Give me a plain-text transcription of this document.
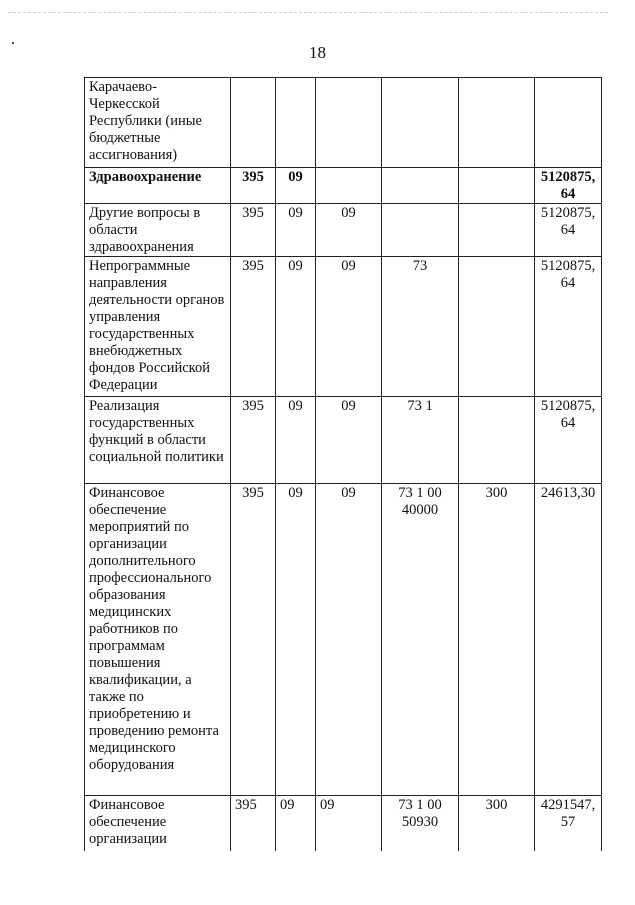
18
Карачаево-Черкесской Республики (иные бюджетные ассигнования)						
Здравоохранение	395	09				5120875,64
Другие вопросы в области здравоохранения	395	09	09			5120875,64
Непрограммные направления деятельности органов управления государственных внебюджетных фондов Российской Федерации	395	09	09	73		5120875,64
Реализация государственных функций в области социальной политики	395	09	09	73 1		5120875,64
Финансовое обеспечение мероприятий по организации дополнительного профессионального образования медицинских работников по программам повышения квалификации, а также по приобретению и проведению ремонта медицинского оборудования	395	09	09	73 1 00 40000	300	24613,30
Финансовое обеспечение организации	395	09	09	73 1 00 50930	300	4291547,57
